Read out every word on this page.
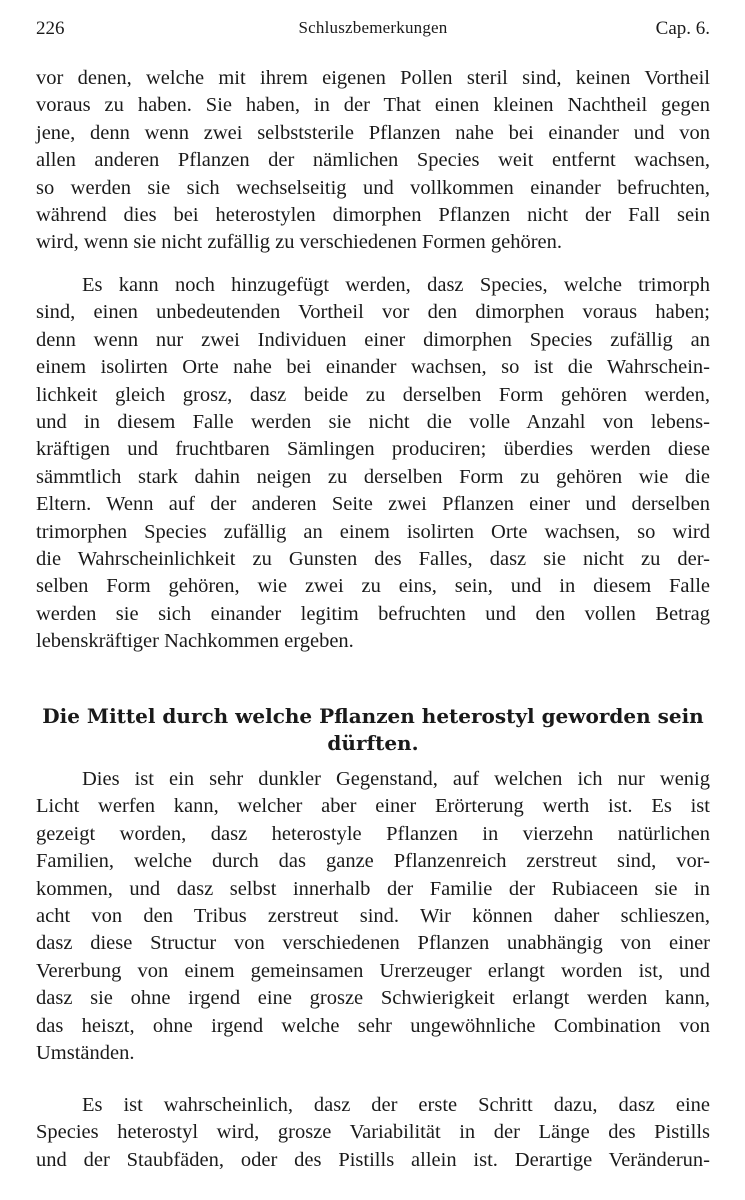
226	Schluszbemerkungen	Cap. 6.

vor denen, welche mit ihrem eigenen Pollen steril sind, keinen Vortheil
voraus zu haben. Sie haben, in der That einen kleinen Nachtheil gegen
jene, denn wenn zwei selbststerile Pflanzen nahe bei einander und von
allen anderen Pflanzen der nämlichen Species weit entfernt wachsen,
so werden sie sich wechselseitig und vollkommen einander befruchten,
während dies bei heterostylen dimorphen Pflanzen nicht der Fall sein
wird, wenn sie nicht zufällig zu verschiedenen Formen gehören.

Es kann noch hinzugefügt werden, dasz Species, welche trimorph
sind, einen unbedeutenden Vortheil vor den dimorphen voraus haben;
denn wenn nur zwei Individuen einer dimorphen Species zufällig an
einem isolirten Orte nahe bei einander wachsen, so ist die Wahrschein-
lichkeit gleich grosz, dasz beide zu derselben Form gehören werden,
und in diesem Falle werden sie nicht die volle Anzahl von lebens-
kräftigen und fruchtbaren Sämlingen produciren; überdies werden diese
sämmtlich stark dahin neigen zu derselben Form zu gehören wie die
Eltern. Wenn auf der anderen Seite zwei Pflanzen einer und derselben
trimorphen Species zufällig an einem isolirten Orte wachsen, so wird
die Wahrscheinlichkeit zu Gunsten des Falles, dasz sie nicht zu der-
selben Form gehören, wie zwei zu eins, sein, und in diesem Falle
werden sie sich einander legitim befruchten und den vollen Betrag
lebenskräftiger Nachkommen ergeben.

Die Mittel durch welche Pflanzen heterostyl geworden sein
dürften.

Dies ist ein sehr dunkler Gegenstand, auf welchen ich nur wenig
Licht werfen kann, welcher aber einer Erörterung werth ist. Es ist
gezeigt worden, dasz heterostyle Pflanzen in vierzehn natürlichen
Familien, welche durch das ganze Pflanzenreich zerstreut sind, vor-
kommen, und dasz selbst innerhalb der Familie der Rubiaceen sie in
acht von den Tribus zerstreut sind. Wir können daher schlieszen,
dasz diese Structur von verschiedenen Pflanzen unabhängig von einer
Vererbung von einem gemeinsamen Urerzeuger erlangt worden ist, und
dasz sie ohne irgend eine grosze Schwierigkeit erlangt werden kann,
das heiszt, ohne irgend welche sehr ungewöhnliche Combination von
Umständen.

Es ist wahrscheinlich, dasz der erste Schritt dazu, dasz eine
Species heterostyl wird, grosze Variabilität in der Länge des Pistills
und der Staubfäden, oder des Pistills allein ist. Derartige Veränderun-
